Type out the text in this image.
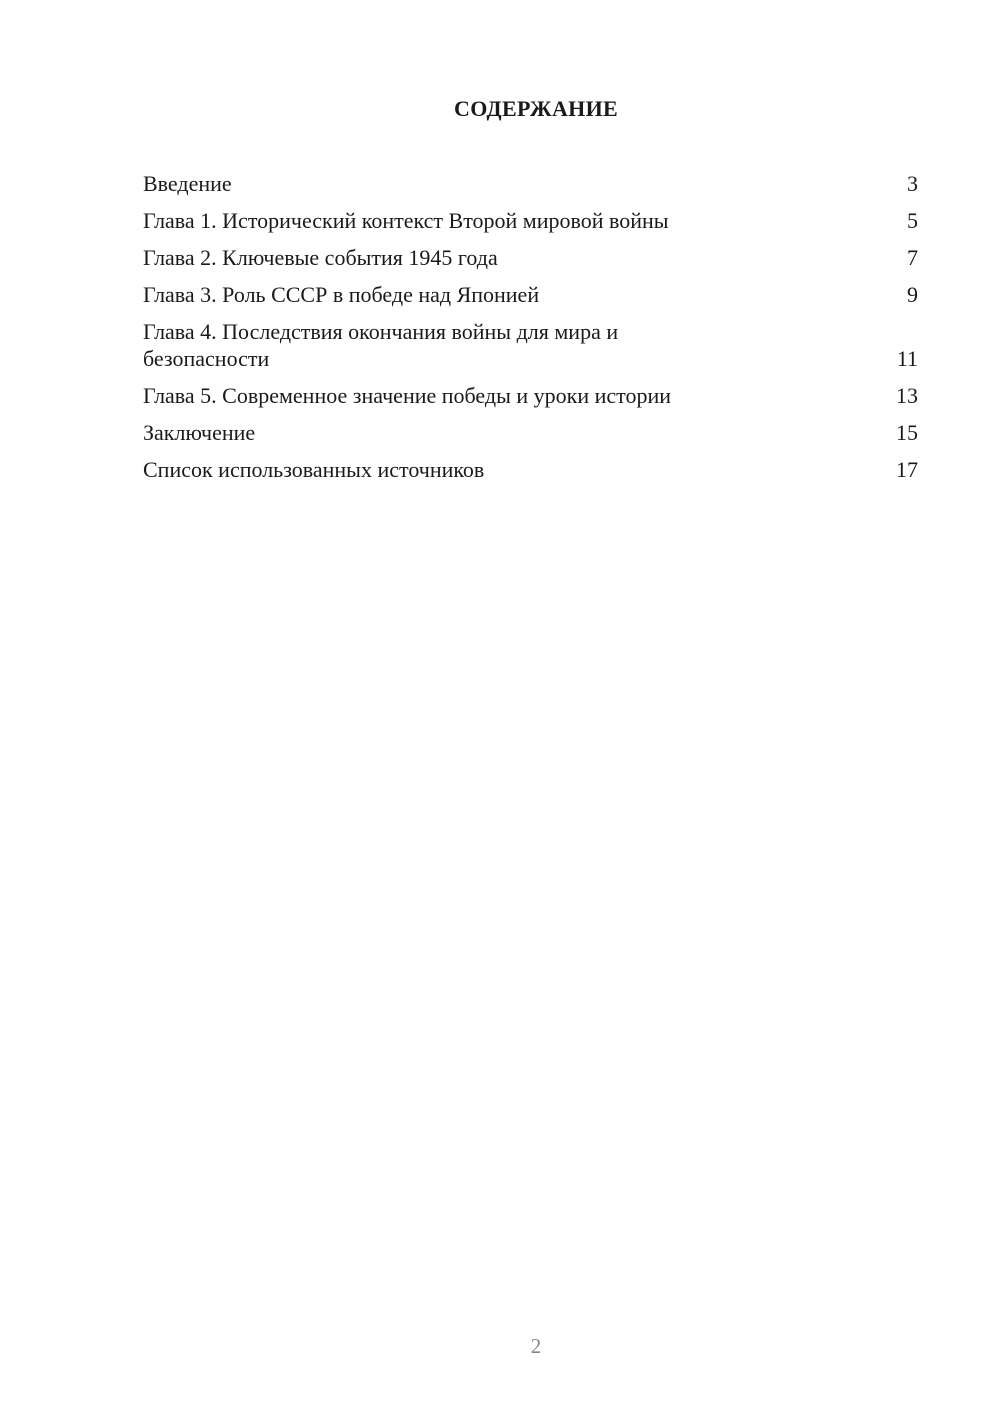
СОДЕРЖАНИЕ
Введение	3
Глава 1. Исторический контекст Второй мировой войны	5
Глава 2. Ключевые события 1945 года	7
Глава 3. Роль СССР в победе над Японией	9
Глава 4. Последствия окончания войны для мира и безопасности	11
Глава 5. Современное значение победы и уроки истории	13
Заключение	15
Список использованных источников	17
2
